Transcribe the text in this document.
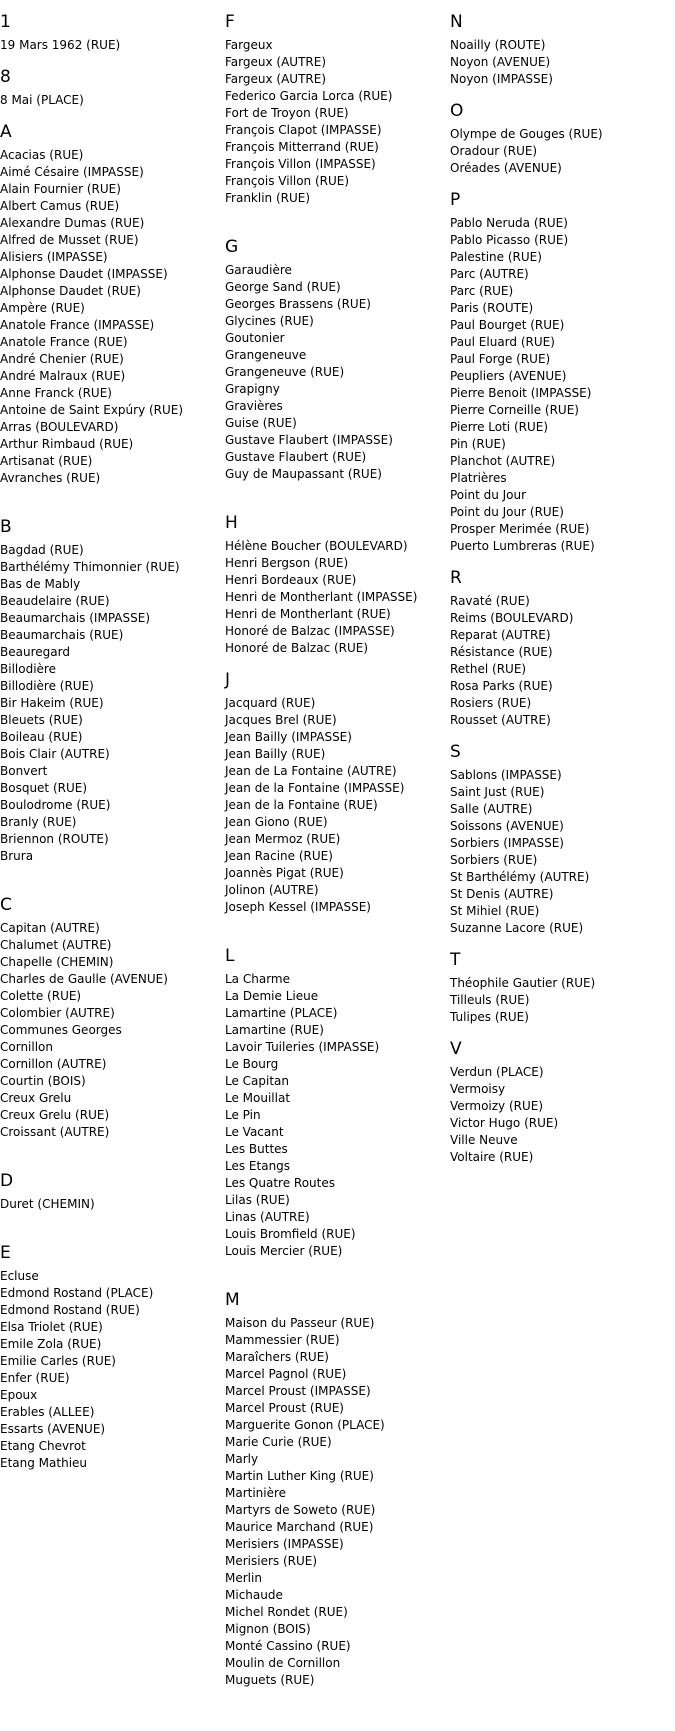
1
19 Mars 1962 (RUE)
8
8 Mai (PLACE)
A
Acacias (RUE)
Aimé Césaire (IMPASSE)
Alain Fournier (RUE)
Albert Camus (RUE)
Alexandre Dumas (RUE)
Alfred de Musset (RUE)
Alisiers (IMPASSE)
Alphonse Daudet (IMPASSE)
Alphonse Daudet (RUE)
Ampère (RUE)
Anatole France (IMPASSE)
Anatole France (RUE)
André Chenier (RUE)
André Malraux (RUE)
Anne Franck (RUE)
Antoine de Saint Expúry (RUE)
Arras (BOULEVARD)
Arthur Rimbaud (RUE)
Artisanat (RUE)
Avranches (RUE)
B
Bagdad (RUE)
Barthélémy Thimonnier (RUE)
Bas de Mably
Beaudelaire (RUE)
Beaumarchais (IMPASSE)
Beaumarchais (RUE)
Beauregard
Billodière
Billodière (RUE)
Bir Hakeim (RUE)
Bleuets (RUE)
Boileau (RUE)
Bois Clair (AUTRE)
Bonvert
Bosquet (RUE)
Boulodrome (RUE)
Branly (RUE)
Briennon (ROUTE)
Brura
C
Capitan (AUTRE)
Chalumet (AUTRE)
Chapelle (CHEMIN)
Charles de Gaulle (AVENUE)
Colette (RUE)
Colombier (AUTRE)
Communes Georges
Cornillon
Cornillon (AUTRE)
Courtin (BOIS)
Creux Grelu
Creux Grelu (RUE)
Croissant (AUTRE)
D
Duret (CHEMIN)
E
Ecluse
Edmond Rostand (PLACE)
Edmond Rostand (RUE)
Elsa Triolet (RUE)
Emile Zola (RUE)
Emilie Carles (RUE)
Enfer (RUE)
Epoux
Erables (ALLEE)
Essarts (AVENUE)
Etang Chevrot
Etang Mathieu
F
Fargeux
Fargeux (AUTRE)
Fargeux (AUTRE)
Federico Garcia Lorca (RUE)
Fort de Troyon (RUE)
François Clapot (IMPASSE)
François Mitterrand (RUE)
François Villon (IMPASSE)
François Villon (RUE)
Franklin (RUE)
G
Garaudière
George Sand (RUE)
Georges Brassens (RUE)
Glycines (RUE)
Goutonier
Grangeneuve
Grangeneuve (RUE)
Grapigny
Gravières
Guise (RUE)
Gustave Flaubert (IMPASSE)
Gustave Flaubert (RUE)
Guy de Maupassant (RUE)
H
Hélène Boucher (BOULEVARD)
Henri Bergson (RUE)
Henri Bordeaux (RUE)
Henri de Montherlant (IMPASSE)
Henri de Montherlant (RUE)
Honoré de Balzac (IMPASSE)
Honoré de Balzac (RUE)
J
Jacquard (RUE)
Jacques Brel (RUE)
Jean Bailly (IMPASSE)
Jean Bailly (RUE)
Jean de La Fontaine (AUTRE)
Jean de la Fontaine (IMPASSE)
Jean de la Fontaine (RUE)
Jean Giono (RUE)
Jean Mermoz (RUE)
Jean Racine (RUE)
Joannès Pigat (RUE)
Jolinon (AUTRE)
Joseph Kessel (IMPASSE)
L
La Charme
La Demie Lieue
Lamartine (PLACE)
Lamartine (RUE)
Lavoir Tuileries (IMPASSE)
Le Bourg
Le Capitan
Le Mouillat
Le Pin
Le Vacant
Les Buttes
Les Etangs
Les Quatre Routes
Lilas (RUE)
Linas (AUTRE)
Louis Bromfield (RUE)
Louis Mercier (RUE)
M
Maison du Passeur (RUE)
Mammessier (RUE)
Maraîchers (RUE)
Marcel Pagnol (RUE)
Marcel Proust (IMPASSE)
Marcel Proust (RUE)
Marguerite Gonon (PLACE)
Marie Curie (RUE)
Marly
Martin Luther King (RUE)
Martinière
Martyrs de Soweto (RUE)
Maurice Marchand (RUE)
Merisiers (IMPASSE)
Merisiers (RUE)
Merlin
Michaude
Michel Rondet (RUE)
Mignon (BOIS)
Monté Cassino (RUE)
Moulin de Cornillon
Muguets (RUE)
N
Noailly (ROUTE)
Noyon (AVENUE)
Noyon (IMPASSE)
O
Olympe de Gouges (RUE)
Oradour (RUE)
Oréades (AVENUE)
P
Pablo Neruda (RUE)
Pablo Picasso (RUE)
Palestine (RUE)
Parc (AUTRE)
Parc (RUE)
Paris (ROUTE)
Paul Bourget (RUE)
Paul Eluard (RUE)
Paul Forge (RUE)
Peupliers (AVENUE)
Pierre Benoit (IMPASSE)
Pierre Corneille (RUE)
Pierre Loti (RUE)
Pin (RUE)
Planchot (AUTRE)
Platrières
Point du Jour
Point du Jour (RUE)
Prosper Merimée (RUE)
Puerto Lumbreras (RUE)
R
Ravaté (RUE)
Reims (BOULEVARD)
Reparat (AUTRE)
Résistance (RUE)
Rethel (RUE)
Rosa Parks (RUE)
Rosiers (RUE)
Rousset (AUTRE)
S
Sablons (IMPASSE)
Saint Just (RUE)
Salle (AUTRE)
Soissons (AVENUE)
Sorbiers (IMPASSE)
Sorbiers (RUE)
St Barthélémy (AUTRE)
St Denis (AUTRE)
St Mihiel (RUE)
Suzanne Lacore (RUE)
T
Théophile Gautier (RUE)
Tilleuls (RUE)
Tulipes (RUE)
V
Verdun (PLACE)
Vermoisy
Vermoizy (RUE)
Victor Hugo (RUE)
Ville Neuve
Voltaire (RUE)
